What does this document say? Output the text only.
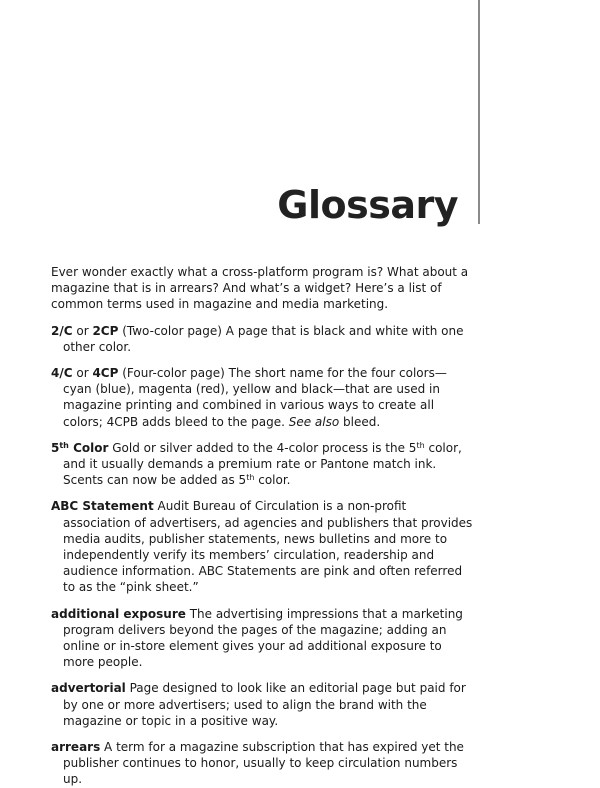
Glossary

Ever wonder exactly what a cross-platform program is? What about a magazine that is in arrears? And what’s a widget? Here’s a list of common terms used in magazine and media marketing.

2/C or 2CP (Two-color page) A page that is black and white with one other color.

4/C or 4CP (Four-color page) The short name for the four colors—cyan (blue), magenta (red), yellow and black—that are used in magazine printing and combined in various ways to create all colors; 4CPB adds bleed to the page. See also bleed.

5th Color Gold or silver added to the 4-color process is the 5th color, and it usually demands a premium rate or Pantone match ink. Scents can now be added as 5th color.

ABC Statement Audit Bureau of Circulation is a non-profit association of advertisers, ad agencies and publishers that provides media audits, publisher statements, news bulletins and more to independently verify its members’ circulation, readership and audience information. ABC Statements are pink and often referred to as the “pink sheet.”

additional exposure The advertising impressions that a marketing program delivers beyond the pages of the magazine; adding an online or in-store element gives your ad additional exposure to more people.

advertorial Page designed to look like an editorial page but paid for by one or more advertisers; used to align the brand with the magazine or topic in a positive way.

arrears A term for a magazine subscription that has expired yet the publisher continues to honor, usually to keep circulation numbers up.
